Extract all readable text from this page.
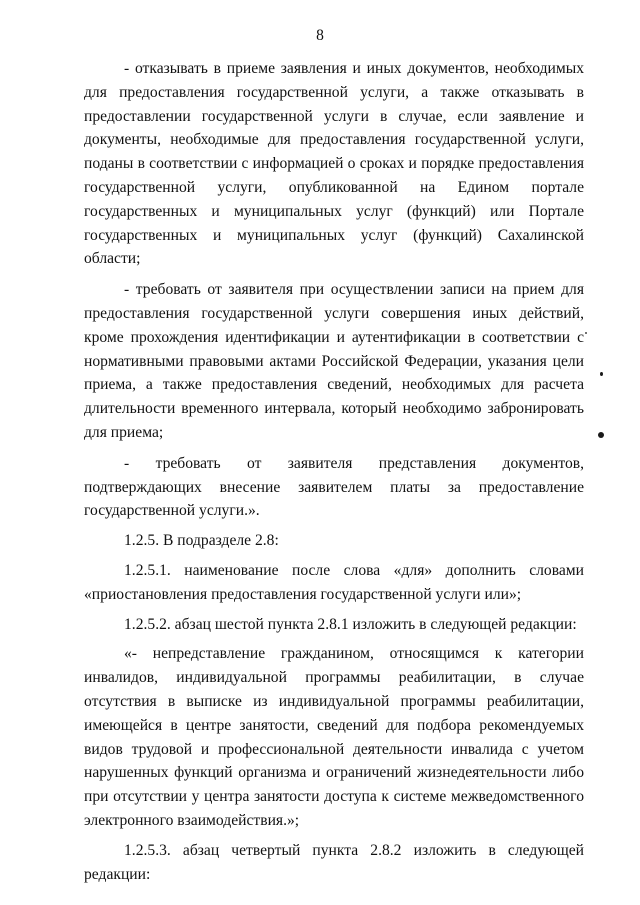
8

- отказывать в приеме заявления и иных документов, необходимых для предоставления государственной услуги, а также отказывать в предоставлении государственной услуги в случае, если заявление и документы, необходимые для предоставления государственной услуги, поданы в соответствии с информацией о сроках и порядке предоставления государственной услуги, опубликованной на Едином портале государственных и муниципальных услуг (функций) или Портале государственных и муниципальных услуг (функций) Сахалинской области;

- требовать от заявителя при осуществлении записи на прием для предоставления государственной услуги совершения иных действий, кроме прохождения идентификации и аутентификации в соответствии с нормативными правовыми актами Российской Федерации, указания цели приема, а также предоставления сведений, необходимых для расчета длительности временного интервала, который необходимо забронировать для приема;

- требовать от заявителя представления документов, подтверждающих внесение заявителем платы за предоставление государственной услуги.».

1.2.5. В подразделе 2.8:

1.2.5.1. наименование после слова «для» дополнить словами «приостановления предоставления государственной услуги или»;

1.2.5.2. абзац шестой пункта 2.8.1 изложить в следующей редакции:

«- непредставление гражданином, относящимся к категории инвалидов, индивидуальной программы реабилитации, в случае отсутствия в выписке из индивидуальной программы реабилитации, имеющейся в центре занятости, сведений для подбора рекомендуемых видов трудовой и профессиональной деятельности инвалида с учетом нарушенных функций организма и ограничений жизнедеятельности либо при отсутствии у центра занятости доступа к системе межведомственного электронного взаимодействия.»;

1.2.5.3. абзац четвертый пункта 2.8.2 изложить в следующей редакции:
